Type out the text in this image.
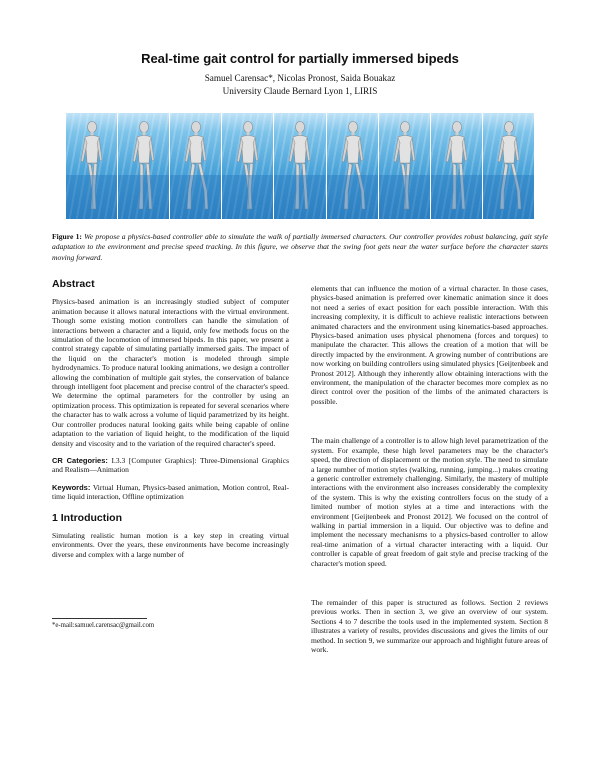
Real-time gait control for partially immersed bipeds
Samuel Carensac*, Nicolas Pronost, Saida Bouakaz
University Claude Bernard Lyon 1, LIRIS
Figure 1: We propose a physics-based controller able to simulate the walk of partially immersed characters. Our controller provides robust balancing, gait style adaptation to the environment and precise speed tracking. In this figure, we observe that the swing foot gets near the water surface before the character starts moving forward.
Abstract

Physics-based animation is an increasingly studied subject of computer animation because it allows natural interactions with the virtual environment. Though some existing motion controllers can handle the simulation of interactions between a character and a liquid, only few methods focus on the simulation of the locomotion of immersed bipeds. In this paper, we present a control strategy capable of simulating partially immersed gaits. The impact of the liquid on the character's motion is modeled through simple hydrodynamics. To produce natural looking animations, we design a controller allowing the combination of multiple gait styles, the conservation of balance through intelligent foot placement and precise control of the character's speed. We determine the optimal parameters for the controller by using an optimization process. This optimization is repeated for several scenarios where the character has to walk across a volume of liquid parametrized by its height. Our controller produces natural looking gaits while being capable of online adaptation to the variation of liquid height, to the modification of the liquid density and viscosity and to the variation of the required character's speed.

CR Categories: I.3.3 [Computer Graphics]: Three-Dimensional Graphics and Realism—Animation

Keywords: Virtual Human, Physics-based animation, Motion control, Real-time liquid interaction, Offline optimization

1 Introduction

Simulating realistic human motion is a key step in creating virtual environments. Over the years, these environments have become increasingly diverse and complex with a large number of

*e-mail:samuel.carensac@gmail.com

elements that can influence the motion of a virtual character. In those cases, physics-based animation is preferred over kinematic animation since it does not need a series of exact position for each possible interaction. With this increasing complexity, it is difficult to achieve realistic interactions between animated characters and the environment using kinematics-based approaches. Physics-based animation uses physical phenomena (forces and torques) to manipulate the character. This allows the creation of a motion that will be directly impacted by the environment. A growing number of contributions are now working on building controllers using simulated physics [Geijtenbeek and Pronost 2012]. Although they inherently allow obtaining interactions with the environment, the manipulation of the character becomes more complex as no direct control over the position of the limbs of the animated characters is possible.

The main challenge of a controller is to allow high level parametrization of the system. For example, these high level parameters may be the character's speed, the direction of displacement or the motion style. The need to simulate a large number of motion styles (walking, running, jumping...) makes creating a generic controller extremely challenging. Similarly, the mastery of multiple interactions with the environment also increases considerably the complexity of the system. This is why the existing controllers focus on the study of a limited number of motion styles at a time and interactions with the environment [Geijtenbeek and Pronost 2012]. We focused on the control of walking in partial immersion in a liquid. Our objective was to define and implement the necessary mechanisms to a physics-based controller to allow real-time animation of a virtual character interacting with a liquid. Our controller is capable of great freedom of gait style and precise tracking of the character's motion speed.

The remainder of this paper is structured as follows. Section 2 reviews previous works. Then in section 3, we give an overview of our system. Sections 4 to 7 describe the tools used in the implemented system. Section 8 illustrates a variety of results, provides discussions and gives the limits of our method. In section 9, we summarize our approach and highlight future areas of work.
